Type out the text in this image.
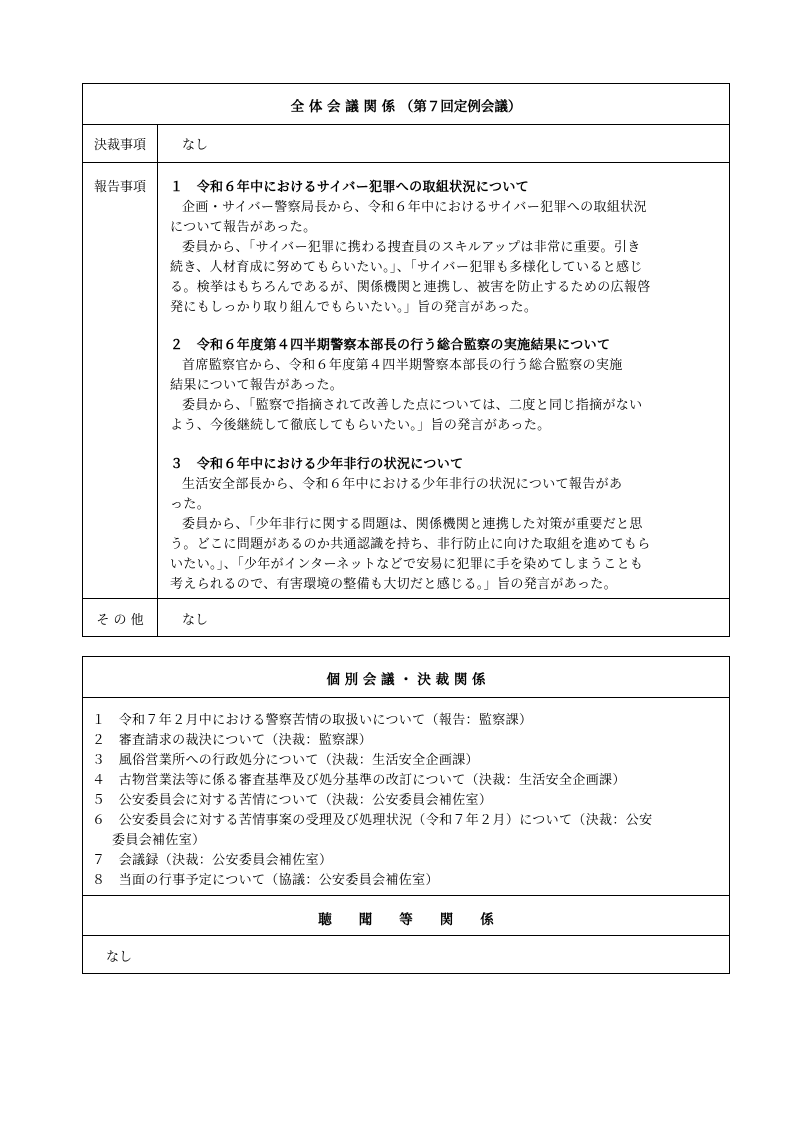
全 体 会 議 関 係 （第７回定例会議）
決裁事項	なし
報告事項	１　令和６年中におけるサイバー犯罪への取組状況について
企画・サイバー警察局長から、令和６年中におけるサイバー犯罪への取組状況
について報告があった。
委員から、「サイバー犯罪に携わる捜査員のスキルアップは非常に重要。引き
続き、人材育成に努めてもらいたい。」、「サイバー犯罪も多様化していると感じ
る。検挙はもちろんであるが、関係機関と連携し、被害を防止するための広報啓
発にもしっかり取り組んでもらいたい。」旨の発言があった。
２　令和６年度第４四半期警察本部長の行う総合監察の実施結果について
首席監察官から、令和６年度第４四半期警察本部長の行う総合監察の実施
結果について報告があった。
委員から、「監察で指摘されて改善した点については、二度と同じ指摘がない
よう、今後継続して徹底してもらいたい。」旨の発言があった。
３　令和６年中における少年非行の状況について
生活安全部長から、令和６年中における少年非行の状況について報告があ
った。
委員から、「少年非行に関する問題は、関係機関と連携した対策が重要だと思
う。どこに問題があるのか共通認識を持ち、非行防止に向けた取組を進めてもら
いたい。」、「少年がインターネットなどで安易に犯罪に手を染めてしまうことも
考えられるので、有害環境の整備も大切だと感じる。」旨の発言があった。
そ の 他	なし
個 別 会 議 ・ 決 裁 関 係
１　令和７年２月中における警察苦情の取扱いについて（報告：監察課）
２　審査請求の裁決について（決裁：監察課）
３　風俗営業所への行政処分について（決裁：生活安全企画課）
４　古物営業法等に係る審査基準及び処分基準の改訂について（決裁：生活安全企画課）
５　公安委員会に対する苦情について（決裁：公安委員会補佐室）
６　公安委員会に対する苦情事案の受理及び処理状況（令和７年２月）について（決裁：公安
委員会補佐室）
７　会議録（決裁：公安委員会補佐室）
８　当面の行事予定について（協議：公安委員会補佐室）
聴　　聞　　等　　関　　係
なし
